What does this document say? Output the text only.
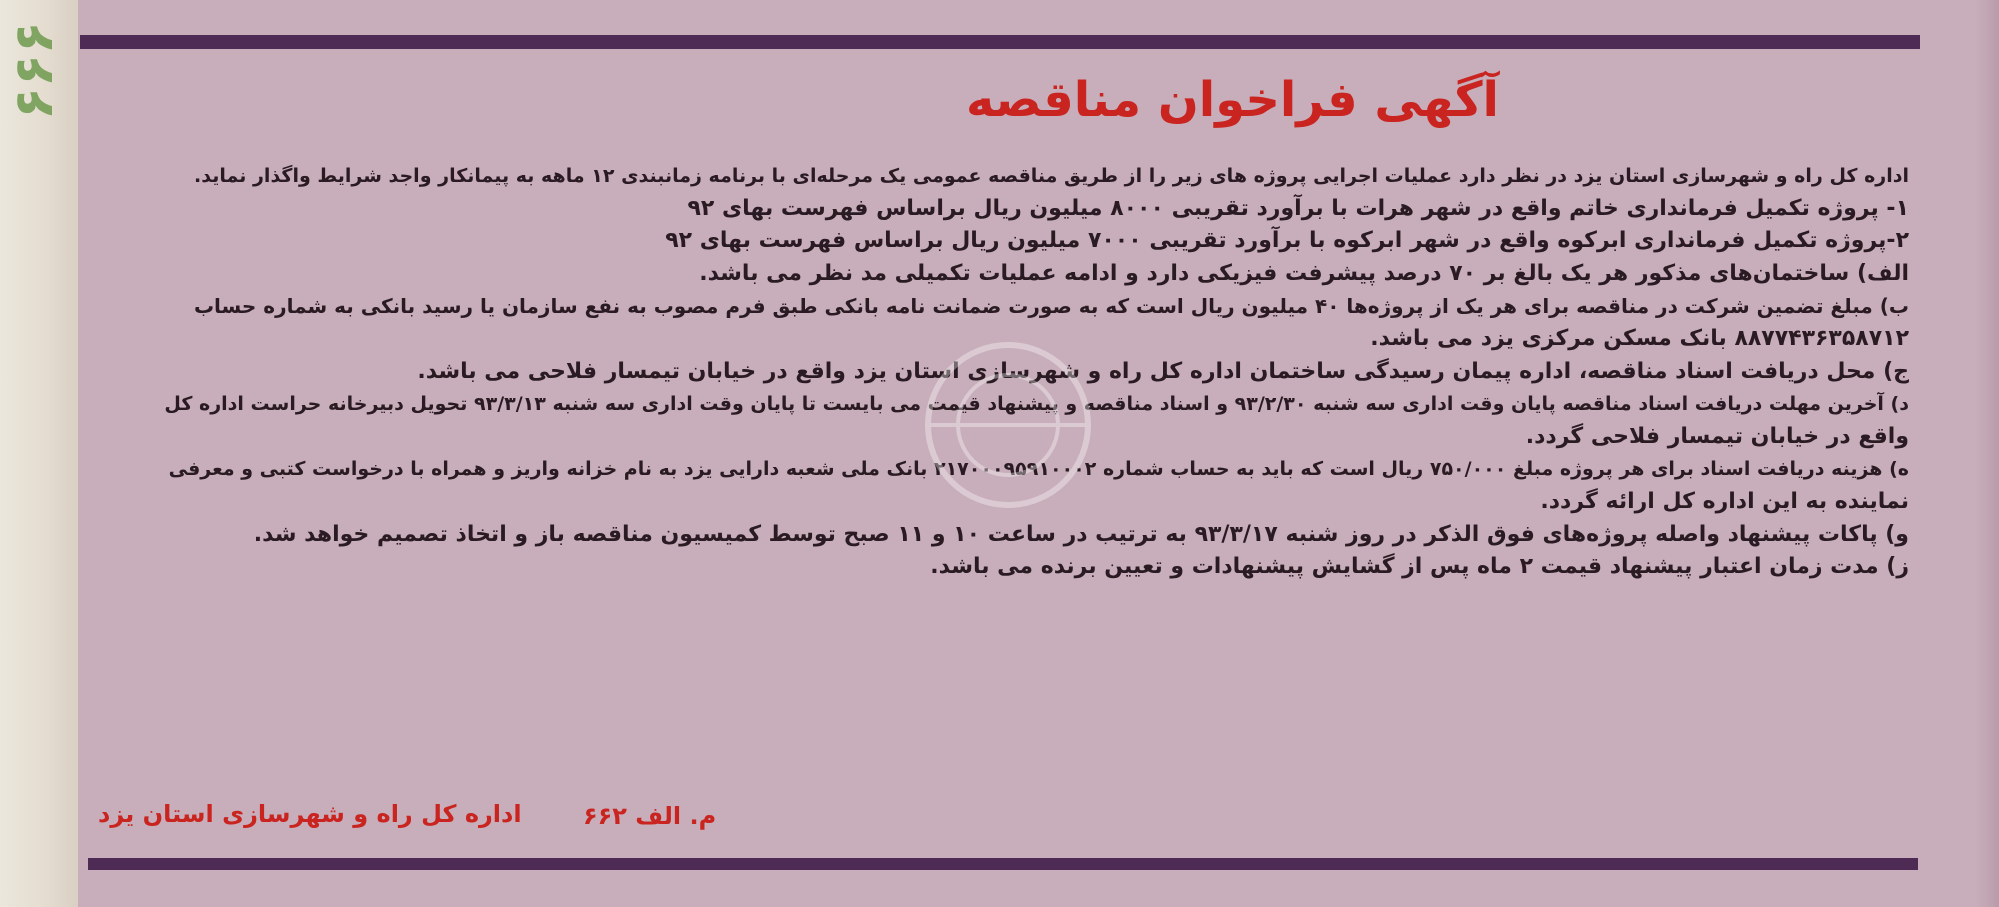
۶۶۶	آگهی فراخوان مناقصه

اداره کل راه و شهرسازی استان یزد در نظر دارد عملیات اجرایی پروژه های زیر را از طریق مناقصه عمومی یک مرحله‌ای با برنامه زمانبندی ۱۲ ماهه به پیمانکار واجد شرایط واگذار نماید.

۱- پروژه تکمیل فرمانداری خاتم واقع در شهر هرات با برآورد تقریبی ۸۰۰۰ میلیون ریال براساس فهرست بهای ۹۲

۲-پروژه تکمیل فرمانداری ابرکوه واقع در شهر ابرکوه با برآورد تقریبی ۷۰۰۰ میلیون ریال براساس فهرست بهای ۹۲

الف) ساختمان‌های مذکور هر یک بالغ بر ۷۰ درصد پیشرفت فیزیکی دارد و ادامه عملیات تکمیلی مد نظر می باشد.

ب) مبلغ تضمین شرکت در مناقصه برای هر یک از پروژه‌ها ۴۰ میلیون ریال است که به صورت ضمانت نامه بانکی طبق فرم مصوب به نفع سازمان یا رسید بانکی به شماره حساب

۸۸۷۷۴۳۶۳۵۸۷۱۲ بانک مسکن مرکزی یزد می باشد.

ج) محل دریافت اسناد مناقصه، اداره پیمان رسیدگی ساختمان اداره کل راه و شهرسازی استان یزد واقع در خیابان تیمسار فلاحی می باشد.

د) آخرین مهلت دریافت اسناد مناقصه پایان وقت اداری سه شنبه ۹۳/۲/۳۰ و اسناد مناقصه و پیشنهاد قیمت می بایست تا پایان وقت اداری سه شنبه ۹۳/۳/۱۳ تحویل دبیرخانه حراست اداره کل

واقع در خیابان تیمسار فلاحی گردد.

ه) هزینه دریافت اسناد برای هر پروژه مبلغ ۷۵۰/۰۰۰ ریال است که باید به حساب شماره ۲۱۷۰۰۰۹۵۹۱۰۰۰۲ بانک ملی شعبه دارایی یزد به نام خزانه واریز و همراه با درخواست کتبی و معرفی

نماینده به این اداره کل ارائه گردد.

و) پاکات پیشنهاد واصله پروژه‌های فوق الذکر در روز شنبه ۹۳/۳/۱۷ به ترتیب در ساعت ۱۰ و ۱۱ صبح توسط کمیسیون مناقصه باز و اتخاذ تصمیم خواهد شد.

ز) مدت زمان اعتبار پیشنهاد قیمت ۲ ماه پس از گشایش پیشنهادات و تعیین برنده می باشد.

اداره کل راه و شهرسازی استان یزد	م. الف ۶۶۲
